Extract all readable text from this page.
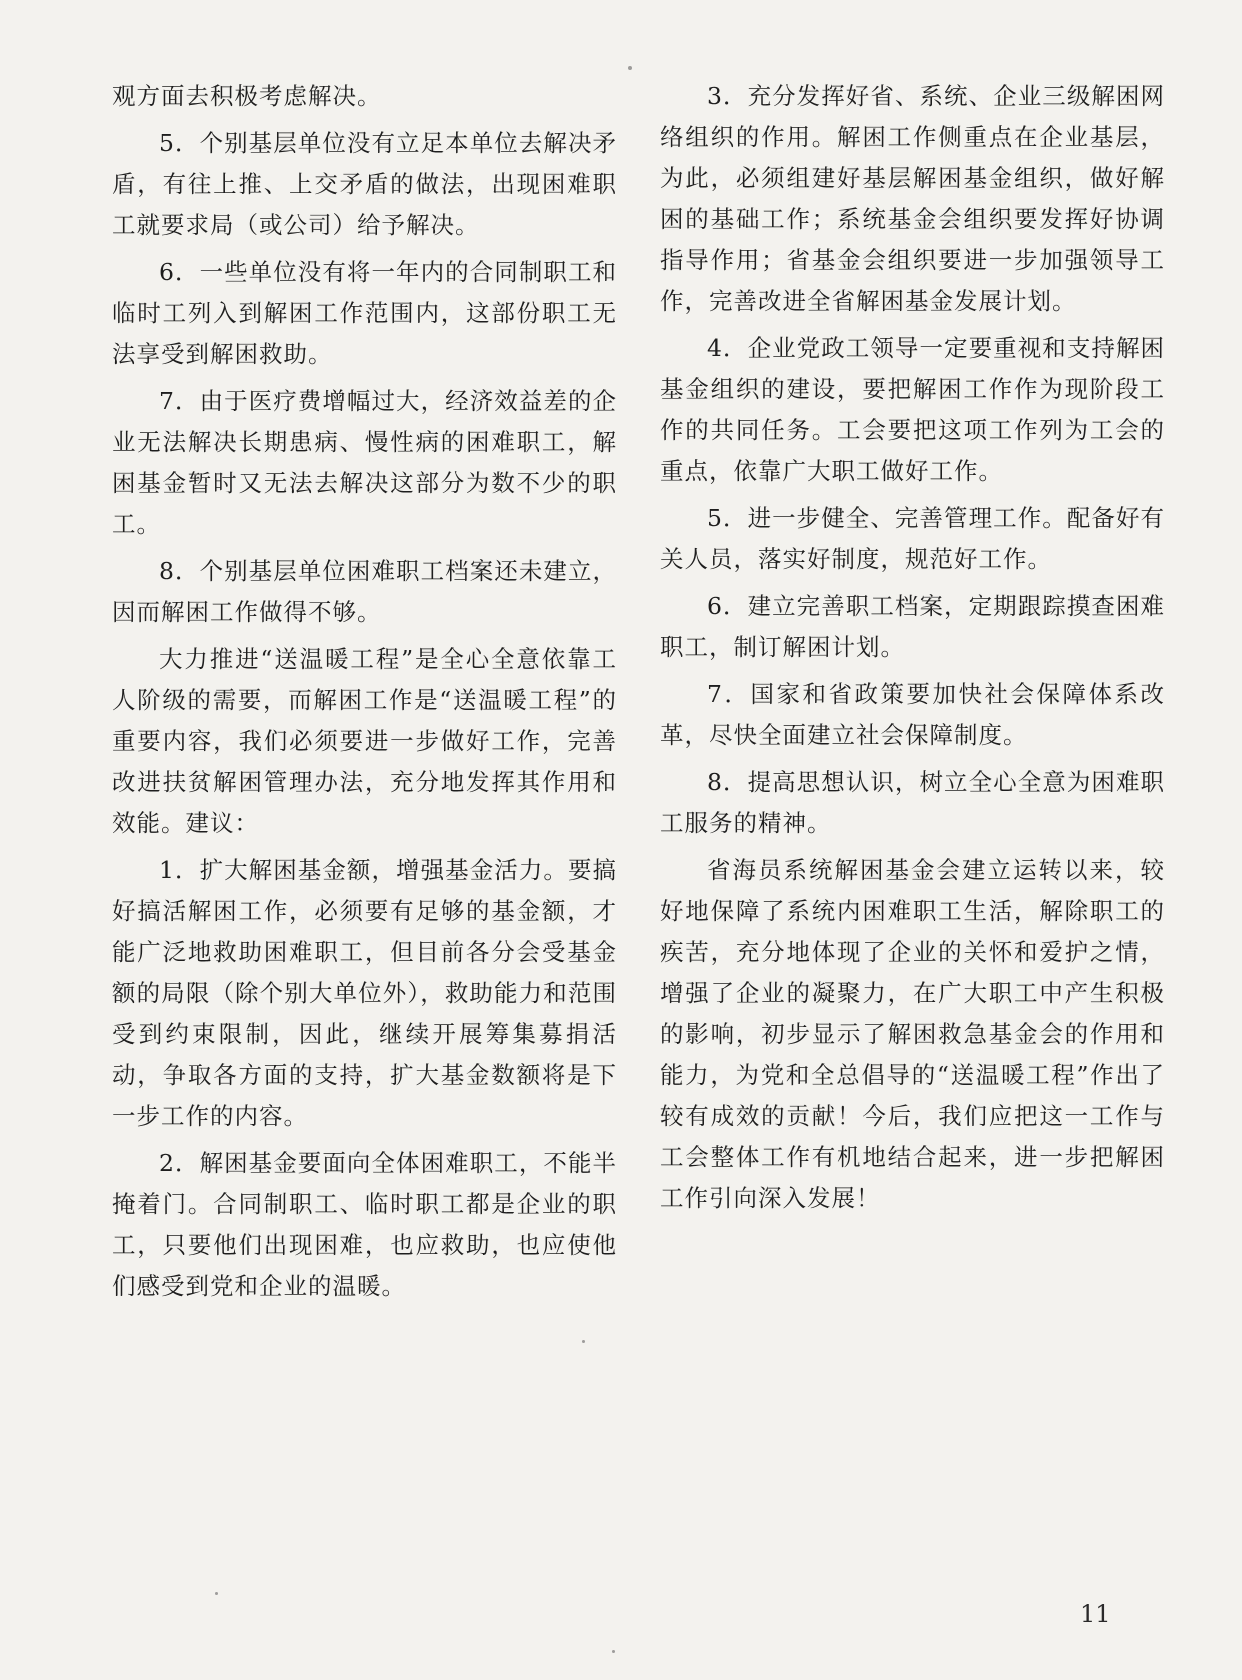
观方面去积极考虑解决。

5．个别基层单位没有立足本单位去解决矛盾，有往上推、上交矛盾的做法，出现困难职工就要求局（或公司）给予解决。

6．一些单位没有将一年内的合同制职工和临时工列入到解困工作范围内，这部份职工无法享受到解困救助。

7．由于医疗费增幅过大，经济效益差的企业无法解决长期患病、慢性病的困难职工，解困基金暂时又无法去解决这部分为数不少的职工。

8．个别基层单位困难职工档案还未建立，因而解困工作做得不够。

大力推进“送温暖工程”是全心全意依靠工人阶级的需要，而解困工作是“送温暖工程”的重要内容，我们必须要进一步做好工作，完善改进扶贫解困管理办法，充分地发挥其作用和效能。建议：

1．扩大解困基金额，增强基金活力。要搞好搞活解困工作，必须要有足够的基金额，才能广泛地救助困难职工，但目前各分会受基金额的局限（除个别大单位外），救助能力和范围受到约束限制，因此，继续开展筹集募捐活动，争取各方面的支持，扩大基金数额将是下一步工作的内容。

2．解困基金要面向全体困难职工，不能半掩着门。合同制职工、临时职工都是企业的职工，只要他们出现困难，也应救助，也应使他们感受到党和企业的温暖。

3．充分发挥好省、系统、企业三级解困网络组织的作用。解困工作侧重点在企业基层，为此，必须组建好基层解困基金组织，做好解困的基础工作；系统基金会组织要发挥好协调指导作用；省基金会组织要进一步加强领导工作，完善改进全省解困基金发展计划。

4．企业党政工领导一定要重视和支持解困基金组织的建设，要把解困工作作为现阶段工作的共同任务。工会要把这项工作列为工会的重点，依靠广大职工做好工作。

5．进一步健全、完善管理工作。配备好有关人员，落实好制度，规范好工作。

6．建立完善职工档案，定期跟踪摸查困难职工，制订解困计划。

7．国家和省政策要加快社会保障体系改革，尽快全面建立社会保障制度。

8．提高思想认识，树立全心全意为困难职工服务的精神。

省海员系统解困基金会建立运转以来，较好地保障了系统内困难职工生活，解除职工的疾苦，充分地体现了企业的关怀和爱护之情，增强了企业的凝聚力，在广大职工中产生积极的影响，初步显示了解困救急基金会的作用和能力，为党和全总倡导的“送温暖工程”作出了较有成效的贡献！今后，我们应把这一工作与工会整体工作有机地结合起来，进一步把解困工作引向深入发展！

11
